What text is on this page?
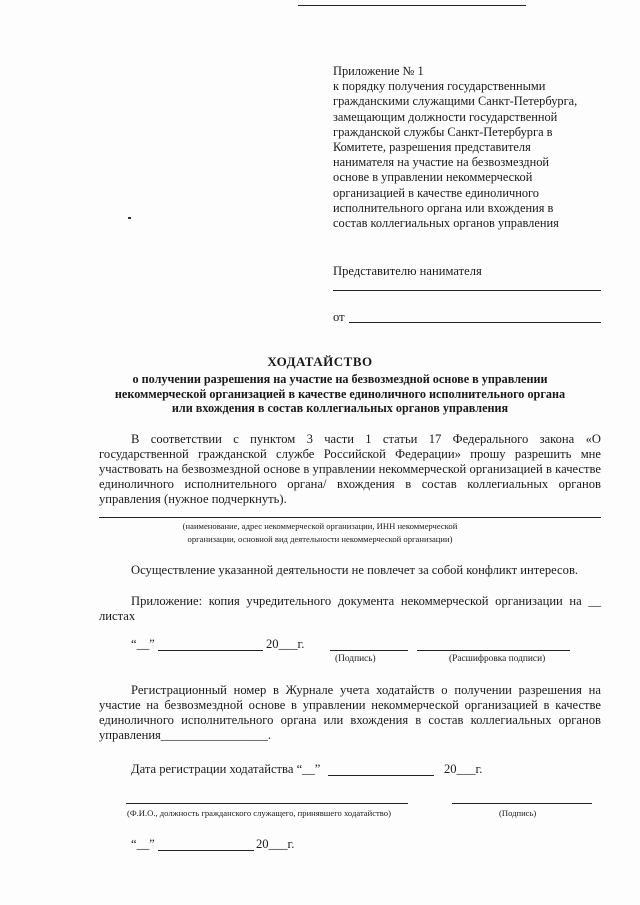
Приложение № 1
к порядку получения государственными
гражданскими служащими Санкт-Петербурга,
замещающим должности государственной
гражданской службы Санкт-Петербурга в
Комитете, разрешения представителя
нанимателя на участие на безвозмездной
основе в управлении некоммерческой
организацией в качестве единоличного
исполнительного органа или вхождения в
состав коллегиальных органов управления
Представителю нанимателя
от
ХОДАТАЙСТВО
о получении разрешения на участие на безвозмездной основе в управлении некоммерческой организацией в качестве единоличного исполнительного органа или вхождения в состав коллегиальных органов управления
В соответствии с пунктом 3 части 1 статьи 17 Федерального закона «О государственной гражданской службе Российской Федерации» прошу разрешить мне участвовать на безвозмездной основе в управлении некоммерческой организацией в качестве единоличного исполнительного органа/ вхождения в состав коллегиальных органов управления (нужное подчеркнуть).
(наименование, адрес некоммерческой организации, ИНН некоммерческой
организации, основной вид деятельности некоммерческой организации)
Осуществление указанной деятельности не повлечет за собой конфликт интересов.
Приложение: копия учредительного документа некоммерческой организации на __ листах
“__”	20___г.
(Подпись)	(Расшифровка подписи)
Регистрационный номер в Журнале учета ходатайств о получении разрешения на участие на безвозмездной основе в управлении некоммерческой организацией в качестве единоличного исполнительного органа или вхождения в состав коллегиальных органов управления_________________.
Дата регистрации ходатайства “__”	20___г.
(Ф.И.О., должность гражданского служащего, принявшего ходатайство)	(Подпись)
“__”	20___г.
